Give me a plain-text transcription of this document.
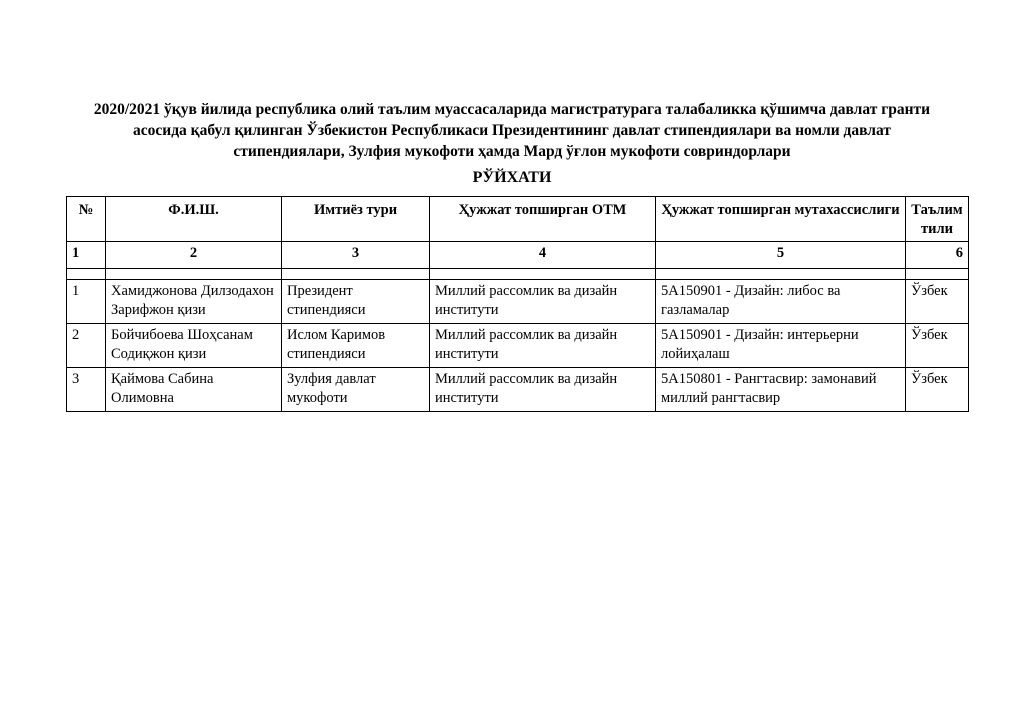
2020/2021 ўқув йилида республика олий таълим муассасаларида магистратурага талабаликка қўшимча давлат гранти
асосида қабул қилинган Ўзбекистон Республикаси Президентининг давлат стипендиялари ва номли давлат
стипендиялари, Зулфия мукофоти ҳамда Мард ўғлон мукофоти совриндорлари
РЎЙХАТИ
№	Ф.И.Ш.	Имтиёз тури	Ҳужжат топширган ОТМ	Ҳужжат топширган мутахассислиги	Таълим тили
1	2	3	4	5	6

1	Хамиджонова Дилзодахон Зарифжон қизи	Президент стипендияси	Миллий рассомлик ва дизайн институти	5А150901 - Дизайн: либос ва газламалар	Ўзбек
2	Бойчибоева Шоҳсанам Содиқжон қизи	Ислом Каримов стипендияси	Миллий рассомлик ва дизайн институти	5А150901 - Дизайн: интерьерни лойиҳалаш	Ўзбек
3	Қаймова Сабина Олимовна	Зулфия давлат мукофоти	Миллий рассомлик ва дизайн институти	5А150801 - Рангтасвир: замонавий миллий рангтасвир	Ўзбек
